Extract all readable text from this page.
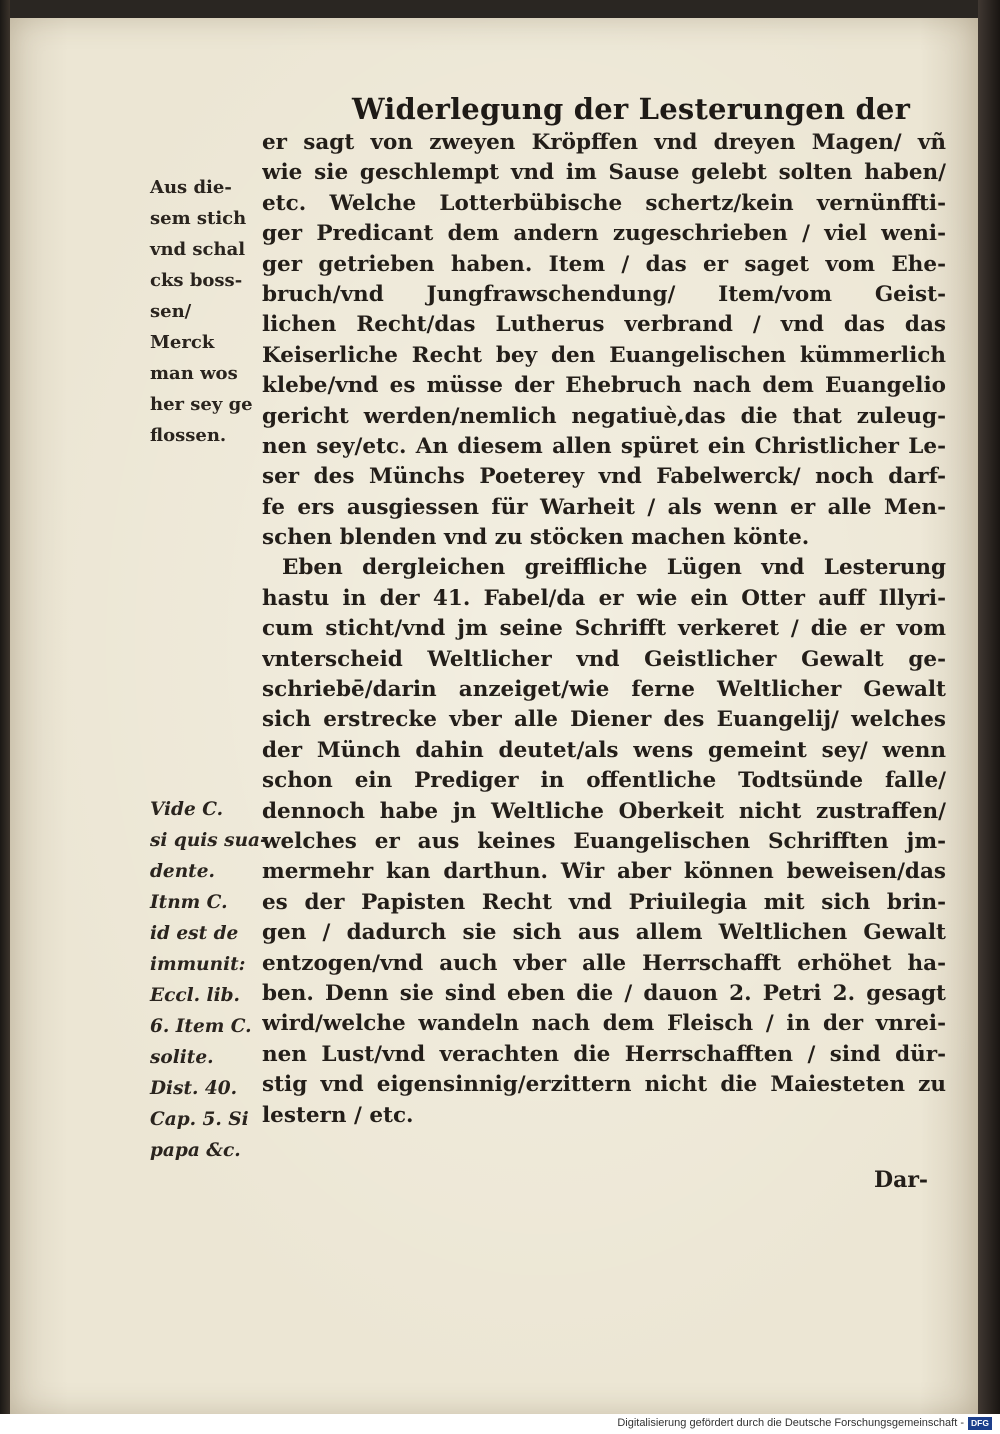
Widerlegung der Lesterungen der
er sagt von zweyen Kröpffen vnd dreyen Magen/ vñ
wie sie geschlempt vnd im Sause gelebt solten haben/
etc. Welche Lotterbübische schertz/kein vernünffti-
ger Predicant dem andern zugeschrieben / viel weni-
ger getrieben haben. Item / das er saget vom Ehe-
bruch/vnd Jungfrawschendung/ Item/vom Geist-
lichen Recht/das Lutherus verbrand / vnd das das
Keiserliche Recht bey den Euangelischen kümmerlich
klebe/vnd es müsse der Ehebruch nach dem Euangelio
gericht werden/nemlich negatiuè,das die that zuleug-
nen sey/etc. An diesem allen spüret ein Christlicher Le-
ser des Münchs Poeterey vnd Fabelwerck/ noch darf-
fe ers ausgiessen für Warheit / als wenn er alle Men-
schen blenden vnd zu stöcken machen könte.
Eben dergleichen greiffliche Lügen vnd Lesterung
hastu in der 41. Fabel/da er wie ein Otter auff Illyri-
cum sticht/vnd jm seine Schrifft verkeret / die er vom
vnterscheid Weltlicher vnd Geistlicher Gewalt ge-
schriebē/darin anzeiget/wie ferne Weltlicher Gewalt
sich erstrecke vber alle Diener des Euangelij/ welches
der Münch dahin deutet/als wens gemeint sey/ wenn
schon ein Prediger in offentliche Todtsünde falle/
dennoch habe jn Weltliche Oberkeit nicht zustraffen/
welches er aus keines Euangelischen Schrifften jm-
mermehr kan darthun. Wir aber können beweisen/das
es der Papisten Recht vnd Priuilegia mit sich brin-
gen / dadurch sie sich aus allem Weltlichen Gewalt
entzogen/vnd auch vber alle Herrschafft erhöhet ha-
ben. Denn sie sind eben die / dauon 2. Petri 2. gesagt
wird/welche wandeln nach dem Fleisch / in der vnrei-
nen Lust/vnd verachten die Herrschafften / sind dür-
stig vnd eigensinnig/erzittern nicht die Maiesteten zu
lestern / etc.
Aus die-
sem stich
vnd schal
cks boss-
sen/
Merck
man wos
her sey ge
flossen.
Vide C.
si quis sua-
dente.
Itnm C.
id est de
immunit:
Eccl. lib.
6. Item C.
solite.
Dist. 40.
Cap. 5. Si
papa &c.
Dar-
Digitalisierung gefördert durch die Deutsche Forschungsgemeinschaft - DFG
